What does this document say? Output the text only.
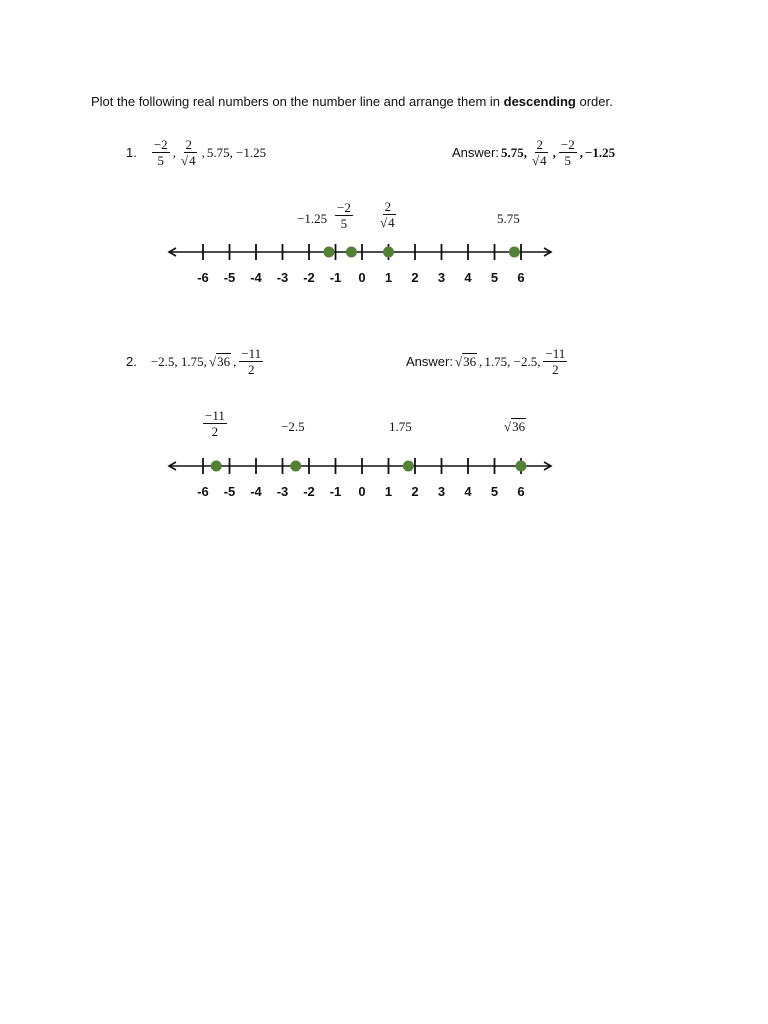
Plot the following real numbers on the number line and arrange them in descending order.
1. $\frac{-2}{5}$ , $\frac{2}{√4}$ , 5.75, −1.25	Answer: 5.75, $\frac{2}{√4}$ , $\frac{-2}{5}$ , −1.25
$-1.25 \frac{-2}{5} \frac{2}{√4}$	5.75
2. −2.5, 1.75, √36 , $\frac{-11}{2}$	Answer: √36 , 1.75, −2.5, $\frac{-11}{2}$
$\frac{-11}{2}$	−2.5	1.75	√36
-6 -5 -4 -3 -2 -1 0 1 2 3 4 5 6
-6 -5 -4 -3 -2 -1 0 1 2 3 4 5 6
